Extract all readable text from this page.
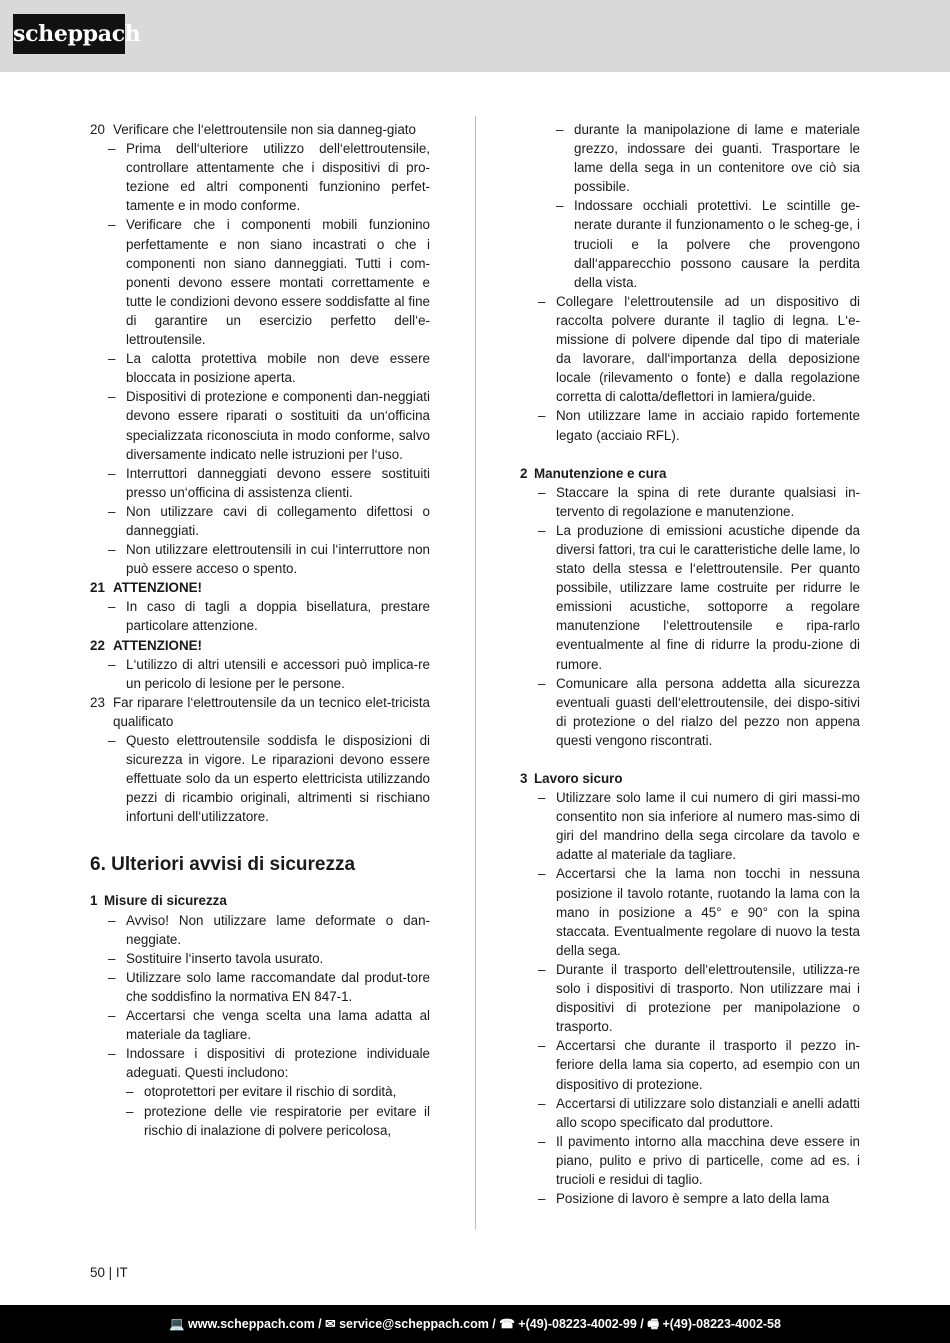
scheppach
20 Verificare che l‘elettroutensile non sia danneg-giato
– Prima dell‘ulteriore utilizzo dell‘elettroutensile, controllare attentamente che i dispositivi di pro-tezione ed altri componenti funzionino perfet-tamente e in modo conforme.
– Verificare che i componenti mobili funzionino perfettamente e non siano incastrati o che i componenti non siano danneggiati. Tutti i com-ponenti devono essere montati correttamente e tutte le condizioni devono essere soddisfatte al fine di garantire un esercizio perfetto dell‘e-lettroutensile.
– La calotta protettiva mobile non deve essere bloccata in posizione aperta.
– Dispositivi di protezione e componenti dan-neggiati devono essere riparati o sostituiti da un‘officina specializzata riconosciuta in modo conforme, salvo diversamente indicato nelle istruzioni per l‘uso.
– Interruttori danneggiati devono essere sostituiti presso un‘officina di assistenza clienti.
– Non utilizzare cavi di collegamento difettosi o danneggiati.
– Non utilizzare elettroutensili in cui l‘interruttore non può essere acceso o spento.
21 ATTENZIONE!
– In caso di tagli a doppia bisellatura, prestare particolare attenzione.
22 ATTENZIONE!
– L‘utilizzo di altri utensili e accessori può implica-re un pericolo di lesione per le persone.
23 Far riparare l‘elettroutensile da un tecnico elet-tricista qualificato
– Questo elettroutensile soddisfa le disposizioni di sicurezza in vigore. Le riparazioni devono essere effettuate solo da un esperto elettricista utilizzando pezzi di ricambio originali, altrimenti si rischiano infortuni dell‘utilizzatore.
6. Ulteriori avvisi di sicurezza
1 Misure di sicurezza
– Avviso! Non utilizzare lame deformate o dan-neggiate.
– Sostituire l‘inserto tavola usurato.
– Utilizzare solo lame raccomandate dal produt-tore che soddisfino la normativa EN 847-1.
– Accertarsi che venga scelta una lama adatta al materiale da tagliare.
– Indossare i dispositivi di protezione individuale adeguati. Questi includono:
– otoprotettori per evitare il rischio di sordità,
– protezione delle vie respiratorie per evitare il rischio di inalazione di polvere pericolosa,
– durante la manipolazione di lame e materiale grezzo, indossare dei guanti. Trasportare le lame della sega in un contenitore ove ciò sia possibile.
– Indossare occhiali protettivi. Le scintille ge-nerate durante il funzionamento o le scheg-ge, i trucioli e la polvere che provengono dall‘apparecchio possono causare la perdita della vista.
– Collegare l‘elettroutensile ad un dispositivo di raccolta polvere durante il taglio di legna. L‘e-missione di polvere dipende dal tipo di materiale da lavorare, dall‘importanza della deposizione locale (rilevamento o fonte) e dalla regolazione corretta di calotta/deflettori in lamiera/guide.
– Non utilizzare lame in acciaio rapido fortemente legato (acciaio RFL).
2 Manutenzione e cura
– Staccare la spina di rete durante qualsiasi in-tervento di regolazione e manutenzione.
– La produzione di emissioni acustiche dipende da diversi fattori, tra cui le caratteristiche delle lame, lo stato della stessa e l‘elettroutensile. Per quanto possibile, utilizzare lame costruite per ridurre le emissioni acustiche, sottoporre a regolare manutenzione l‘elettroutensile e ripa-rarlo eventualmente al fine di ridurre la produ-zione di rumore.
– Comunicare alla persona addetta alla sicurezza eventuali guasti dell‘elettroutensile, dei dispo-sitivi di protezione o del rialzo del pezzo non appena questi vengono riscontrati.
3 Lavoro sicuro
– Utilizzare solo lame il cui numero di giri massi-mo consentito non sia inferiore al numero mas-simo di giri del mandrino della sega circolare da tavolo e adatte al materiale da tagliare.
– Accertarsi che la lama non tocchi in nessuna posizione il tavolo rotante, ruotando la lama con la mano in posizione a 45° e 90° con la spina staccata. Eventualmente regolare di nuovo la testa della sega.
– Durante il trasporto dell‘elettroutensile, utilizza-re solo i dispositivi di trasporto. Non utilizzare mai i dispositivi di protezione per manipolazione o trasporto.
– Accertarsi che durante il trasporto il pezzo in-feriore della lama sia coperto, ad esempio con un dispositivo di protezione.
– Accertarsi di utilizzare solo distanziali e anelli adatti allo scopo specificato dal produttore.
– Il pavimento intorno alla macchina deve essere in piano, pulito e privo di particelle, come ad es. i trucioli e residui di taglio.
– Posizione di lavoro è sempre a lato della lama
50 | IT
💻 www.scheppach.com / ✉ service@scheppach.com / ☎ +(49)-08223-4002-99 / 🖷 +(49)-08223-4002-58
